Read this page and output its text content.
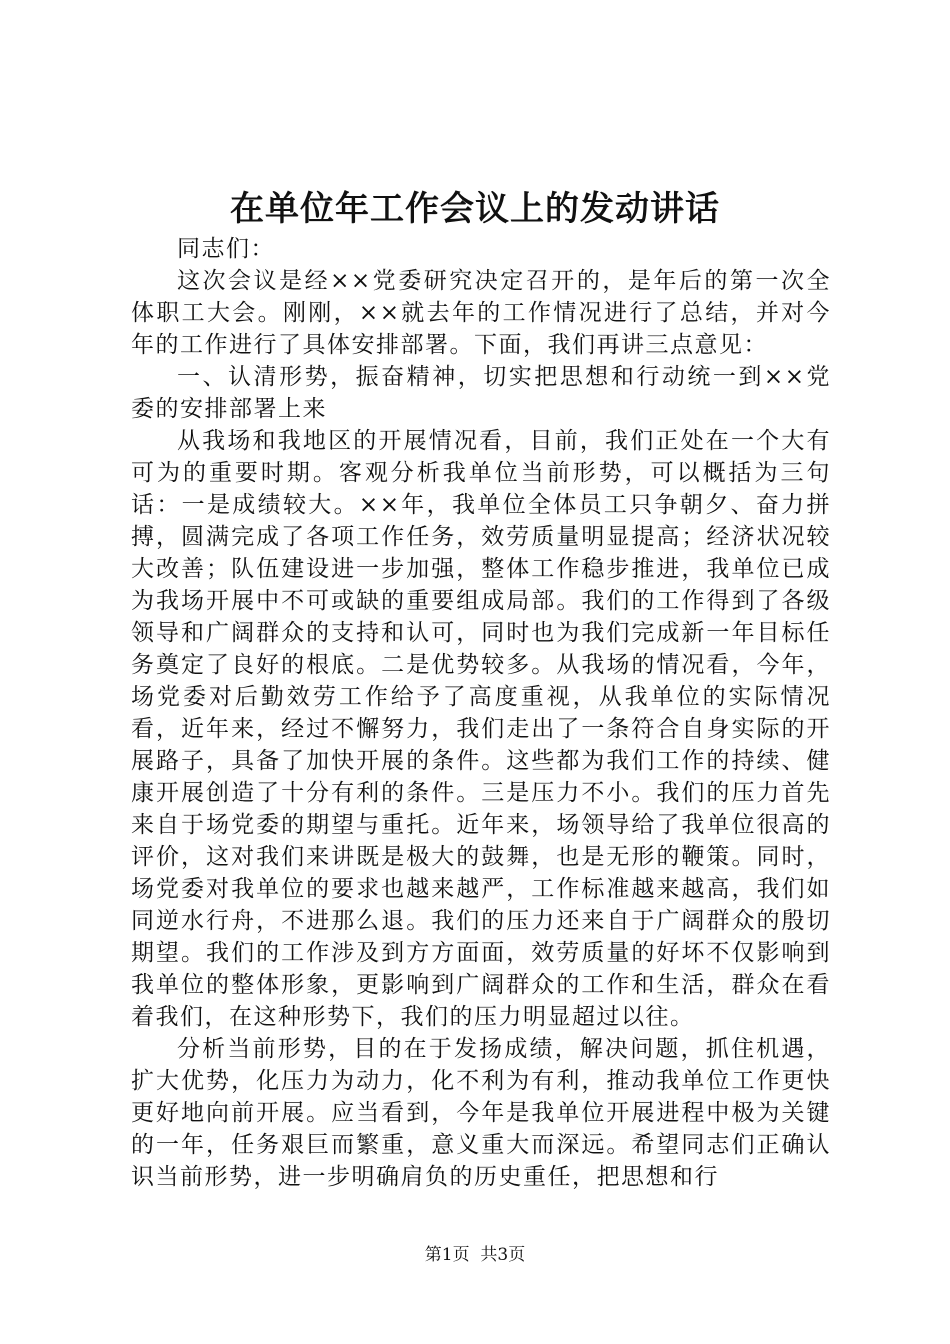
在单位年工作会议上的发动讲话

同志们：

这次会议是经××党委研究决定召开的，是年后的第一次全体职工大会。刚刚，××就去年的工作情况进行了总结，并对今年的工作进行了具体安排部署。下面，我们再讲三点意见：

一、认清形势，振奋精神，切实把思想和行动统一到××党委的安排部署上来

从我场和我地区的开展情况看，目前，我们正处在一个大有可为的重要时期。客观分析我单位当前形势，可以概括为三句话：一是成绩较大。××年，我单位全体员工只争朝夕、奋力拼搏，圆满完成了各项工作任务，效劳质量明显提高；经济状况较大改善；队伍建设进一步加强，整体工作稳步推进，我单位已成为我场开展中不可或缺的重要组成局部。我们的工作得到了各级领导和广阔群众的支持和认可，同时也为我们完成新一年目标任务奠定了良好的根底。二是优势较多。从我场的情况看，今年，场党委对后勤效劳工作给予了高度重视，从我单位的实际情况看，近年来，经过不懈努力，我们走出了一条符合自身实际的开展路子，具备了加快开展的条件。这些都为我们工作的持续、健康开展创造了十分有利的条件。三是压力不小。我们的压力首先来自于场党委的期望与重托。近年来，场领导给了我单位很高的评价，这对我们来讲既是极大的鼓舞，也是无形的鞭策。同时，场党委对我单位的要求也越来越严，工作标准越来越高，我们如同逆水行舟，不进那么退。我们的压力还来自于广阔群众的殷切期望。我们的工作涉及到方方面面，效劳质量的好坏不仅影响到我单位的整体形象，更影响到广阔群众的工作和生活，群众在看着我们，在这种形势下，我们的压力明显超过以往。

分析当前形势，目的在于发扬成绩，解决问题，抓住机遇，扩大优势，化压力为动力，化不利为有利，推动我单位工作更快更好地向前开展。应当看到，今年是我单位开展进程中极为关键的一年，任务艰巨而繁重，意义重大而深远。希望同志们正确认识当前形势，进一步明确肩负的历史重任，把思想和行

第1页  共3页
